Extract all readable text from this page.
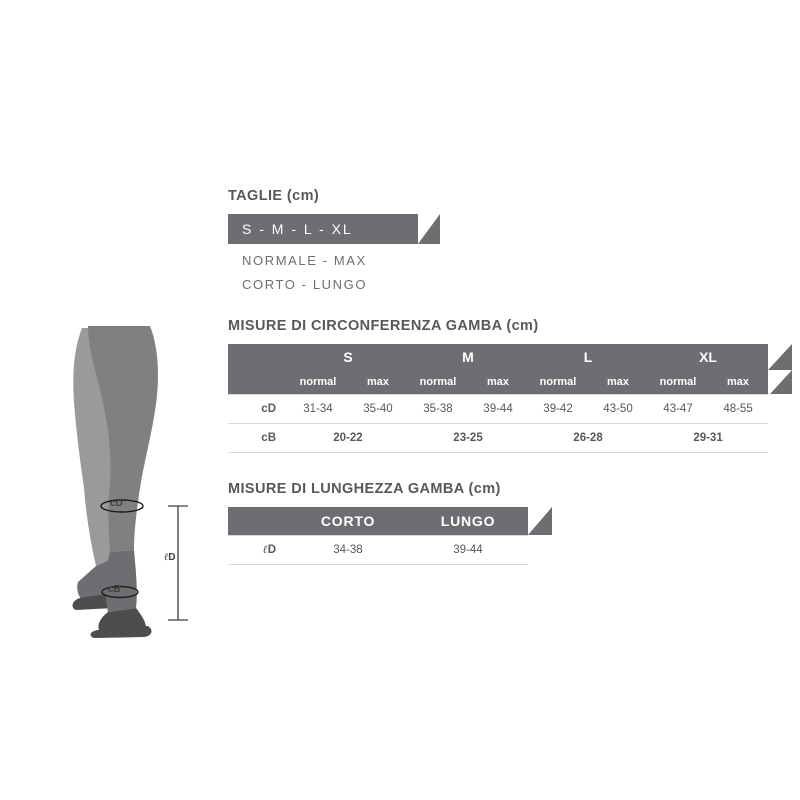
cD
cB
ℓD
TAGLIE (cm)
S - M - L - XL
NORMALE - MAX
CORTO - LUNGO
MISURE DI CIRCONFERENZA GAMBA (cm)
	S		M		L		XL	

	normal	max	normal	max	normal	max	normal	max

cD	31-34	35-40	35-38	39-44	39-42	43-50	43-47	48-55
cB	20-22		23-25		26-28		29-31	
MISURE DI LUNGHEZZA GAMBA (cm)
	CORTO	LUNGO

ℓD	34-38	39-44
